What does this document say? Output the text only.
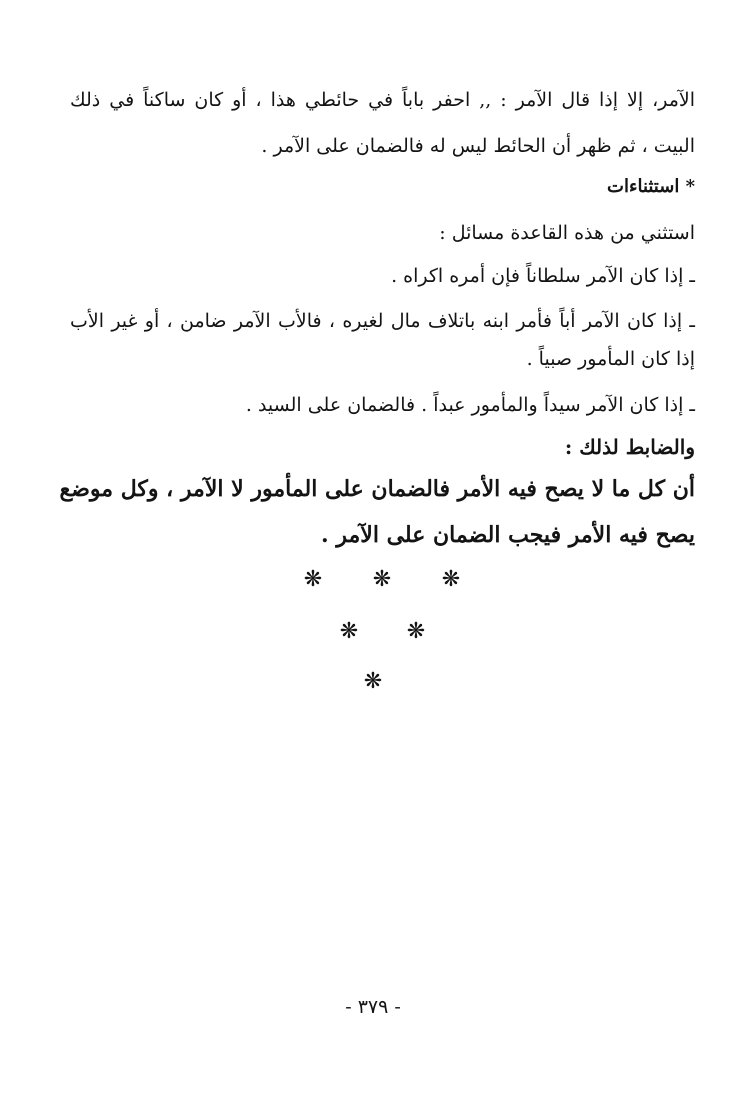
الآمر، إلا إذا قال الآمر : ,, احفر باباً في حائطي هذا ، أو كان ساكناً في ذلك
البيت ، ثم ظهر أن الحائط ليس له فالضمان على الآمر .
* استثناءات
استثني من هذه القاعدة مسائل :
ـ إذا كان الآمر سلطاناً فإن أمره اكراه .
ـ إذا كان الآمر أباً فأمر ابنه باتلاف مال لغيره ، فالأب الآمر ضامن ، أو غير الأب
إذا كان المأمور صبياً .
ـ إذا كان الآمر سيداً والمأمور عبداً . فالضمان على السيد .
والضابط لذلك :
أن كل ما لا يصح فيه الأمر فالضمان على المأمور لا الآمر ، وكل موضع
يصح فيه الأمر فيجب الضمان على الآمر .
❋ ❋ ❋
❋ ❋
❋
- ٣٧٩ -
